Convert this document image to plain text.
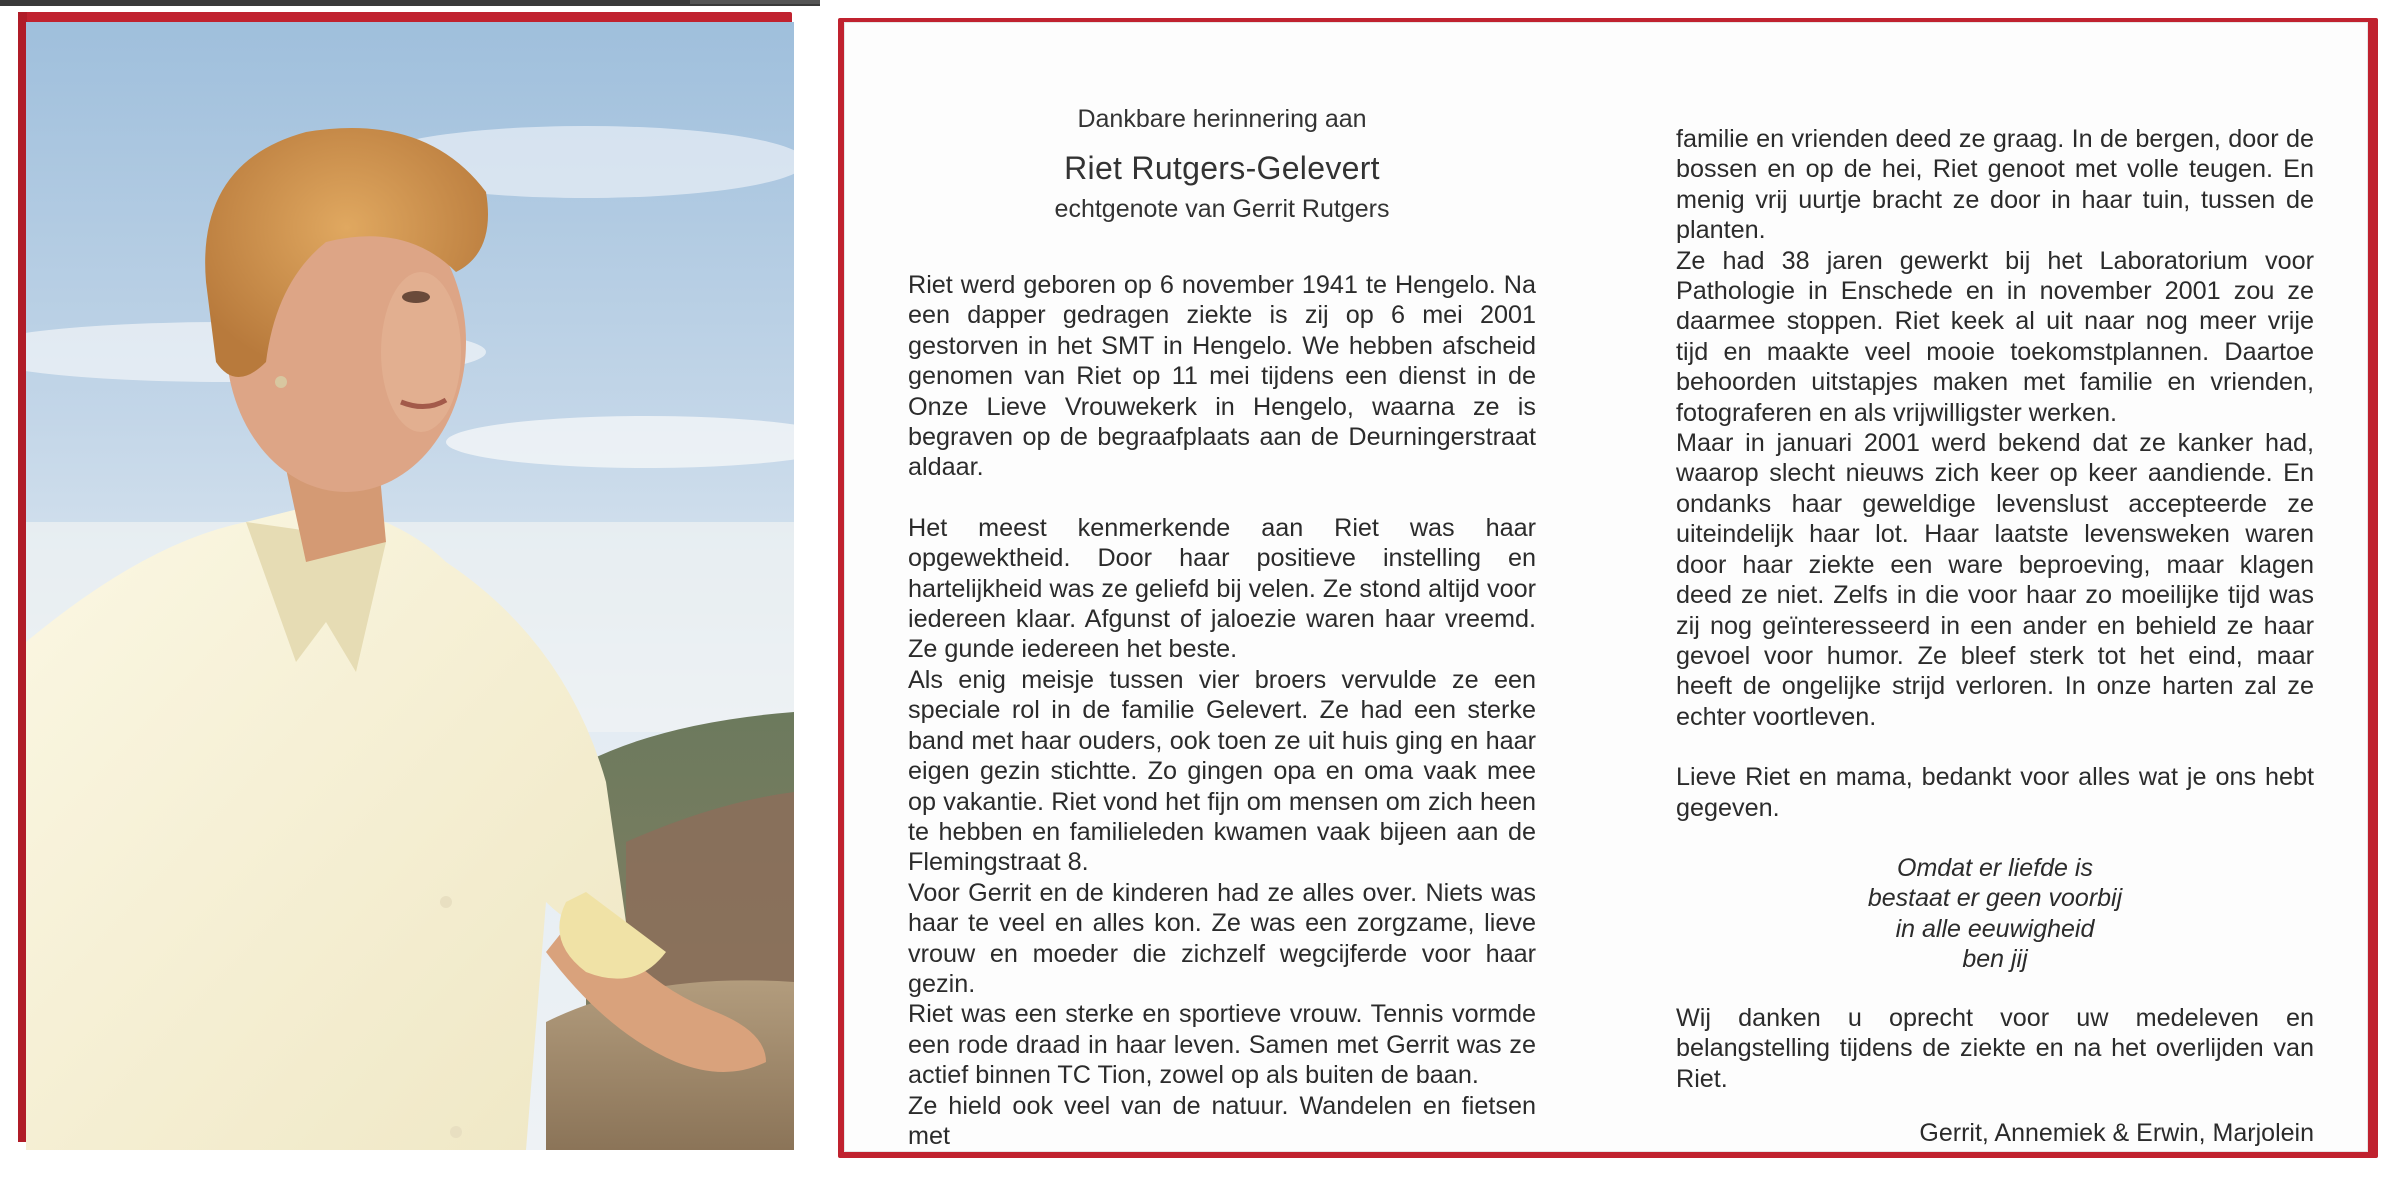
Dankbare herinnering aan
Riet Rutgers-Gelevert
echtgenote van Gerrit Rutgers

Riet werd geboren op 6 november 1941 te Hengelo. Na een dapper gedragen ziekte is zij op 6 mei 2001 gestorven in het SMT in Hengelo. We hebben afscheid genomen van Riet op 11 mei tijdens een dienst in de Onze Lieve Vrouwekerk in Hengelo, waarna ze is begraven op de begraafplaats aan de Deurningerstraat aldaar.

Het meest kenmerkende aan Riet was haar opgewektheid. Door haar positieve instelling en hartelijkheid was ze geliefd bij velen. Ze stond altijd voor iedereen klaar. Afgunst of jaloezie waren haar vreemd. Ze gunde iedereen het beste.

Als enig meisje tussen vier broers vervulde ze een speciale rol in de familie Gelevert. Ze had een sterke band met haar ouders, ook toen ze uit huis ging en haar eigen gezin stichtte. Zo gingen opa en oma vaak mee op vakantie. Riet vond het fijn om mensen om zich heen te hebben en familieleden kwamen vaak bijeen aan de Flemingstraat 8.

Voor Gerrit en de kinderen had ze alles over. Niets was haar te veel en alles kon. Ze was een zorgzame, lieve vrouw en moeder die zichzelf wegcijferde voor haar gezin.

Riet was een sterke en sportieve vrouw. Tennis vormde een rode draad in haar leven. Samen met Gerrit was ze actief binnen TC Tion, zowel op als buiten de baan.

Ze hield ook veel van de natuur. Wandelen en fietsen met

familie en vrienden deed ze graag. In de bergen, door de bossen en op de hei, Riet genoot met volle teugen. En menig vrij uurtje bracht ze door in haar tuin, tussen de planten.

Ze had 38 jaren gewerkt bij het Laboratorium voor Pathologie in Enschede en in november 2001 zou ze daarmee stoppen. Riet keek al uit naar nog meer vrije tijd en maakte veel mooie toekomstplannen. Daartoe behoorden uitstapjes maken met familie en vrienden, fotograferen en als vrijwilligster werken.

Maar in januari 2001 werd bekend dat ze kanker had, waarop slecht nieuws zich keer op keer aandiende. En ondanks haar geweldige levenslust accepteerde ze uiteindelijk haar lot. Haar laatste levensweken waren door haar ziekte een ware beproeving, maar klagen deed ze niet. Zelfs in die voor haar zo moeilijke tijd was zij nog geïnteresseerd in een ander en behield ze haar gevoel voor humor. Ze bleef sterk tot het eind, maar heeft de ongelijke strijd verloren. In onze harten zal ze echter voortleven.

Lieve Riet en mama, bedankt voor alles wat je ons hebt gegeven.

Omdat er liefde is
bestaat er geen voorbij
in alle eeuwigheid
ben jij

Wij danken u oprecht voor uw medeleven en belangstelling tijdens de ziekte en na het overlijden van Riet.

Gerrit, Annemiek & Erwin, Marjolein
